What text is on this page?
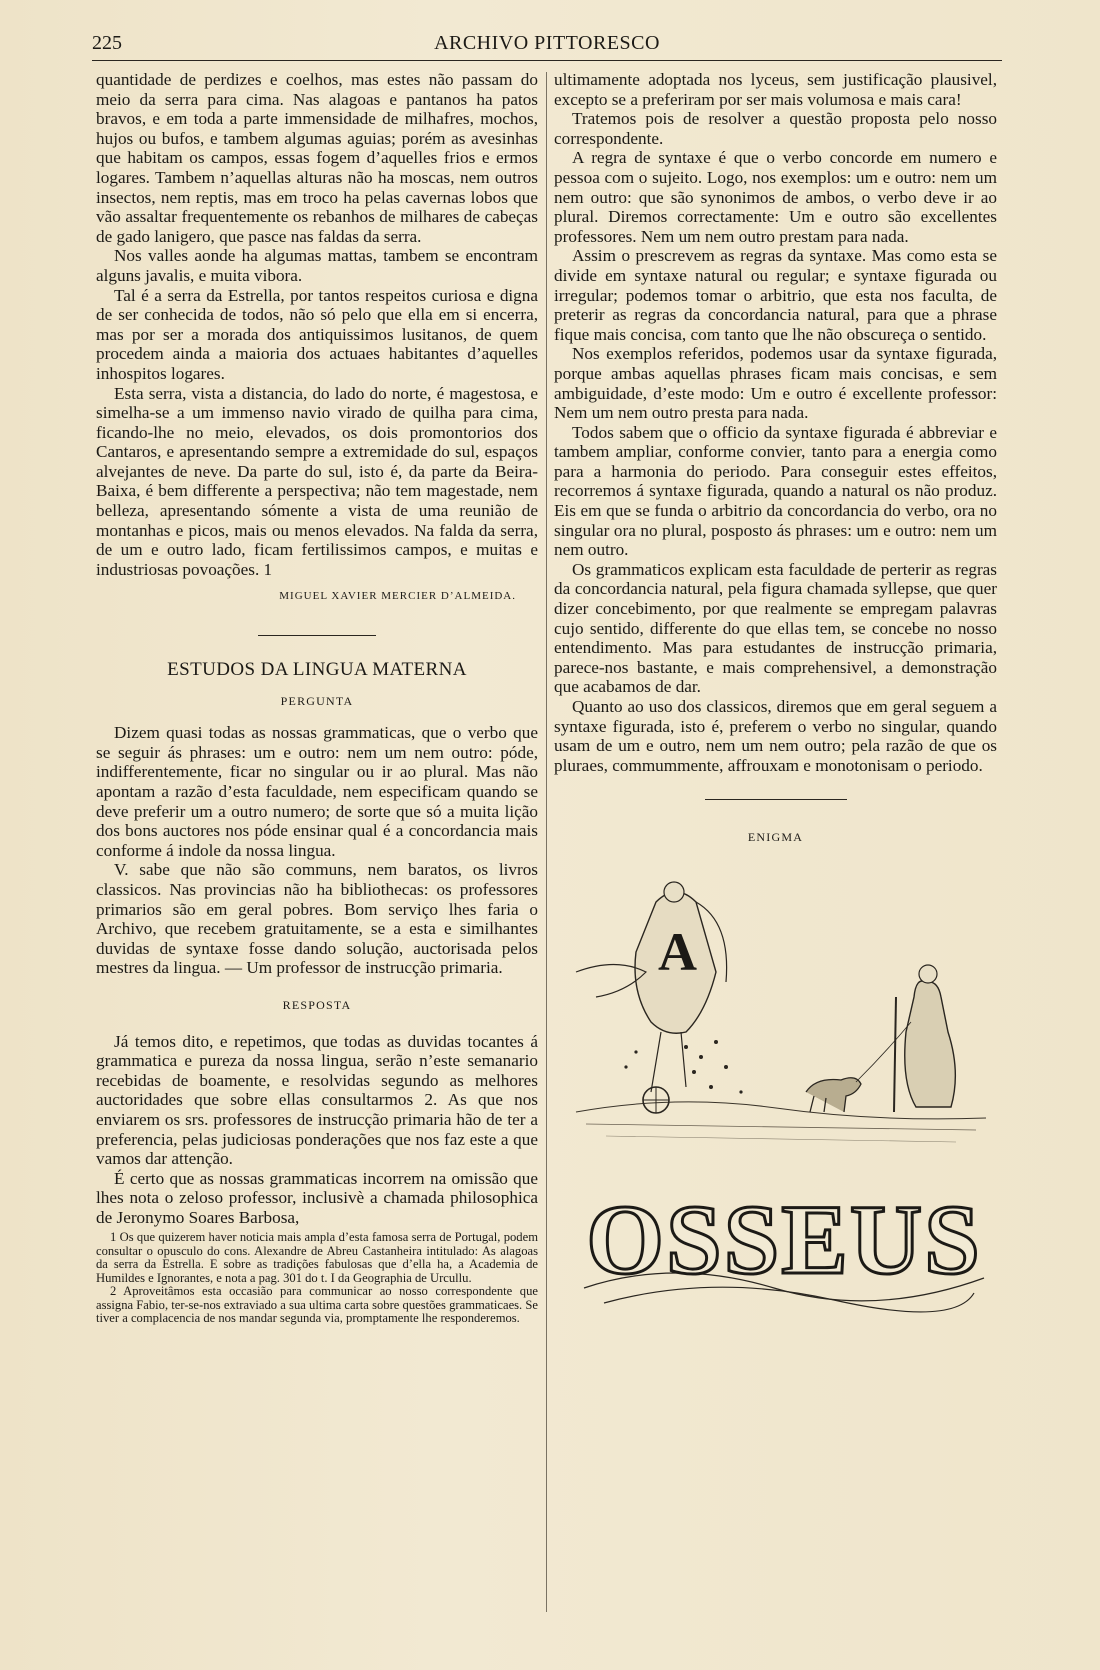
225	ARCHIVO PITTORESCO

quantidade de perdizes e coelhos, mas estes não passam do meio da serra para cima. Nas alagoas e pantanos ha patos bravos, e em toda a parte immensidade de milhafres, mochos, hujos ou bufos, e tambem algumas aguias; porém as avesinhas que habitam os campos, essas fogem d’aquelles frios e ermos logares. Tambem n’aquellas alturas não ha moscas, nem outros insectos, nem reptis, mas em troco ha pelas cavernas lobos que vão assaltar frequentemente os rebanhos de milhares de cabeças de gado lanigero, que pasce nas faldas da serra.

Nos valles aonde ha algumas mattas, tambem se encontram alguns javalis, e muita vibora.

Tal é a serra da Estrella, por tantos respeitos curiosa e digna de ser conhecida de todos, não só pelo que ella em si encerra, mas por ser a morada dos antiquissimos lusitanos, de quem procedem ainda a maioria dos actuaes habitantes d’aquelles inhospitos logares.

Esta serra, vista a distancia, do lado do norte, é magestosa, e simelha-se a um immenso navio virado de quilha para cima, ficando-lhe no meio, elevados, os dois promontorios dos Cantaros, e apresentando sempre a extremidade do sul, espaços alvejantes de neve. Da parte do sul, isto é, da parte da Beira-Baixa, é bem differente a perspectiva; não tem magestade, nem belleza, apresentando sómente a vista de uma reunião de montanhas e picos, mais ou menos elevados. Na falda da serra, de um e outro lado, ficam fertilissimos campos, e muitas e industriosas povoações. 1

MIGUEL XAVIER MERCIER D’ALMEIDA.
ESTUDOS DA LINGUA MATERNA
PERGUNTA

Dizem quasi todas as nossas grammaticas, que o verbo que se seguir ás phrases: um e outro: nem um nem outro: póde, indifferentemente, ficar no singular ou ir ao plural. Mas não apontam a razão d’esta faculdade, nem especificam quando se deve preferir um a outro numero; de sorte que só a muita lição dos bons auctores nos póde ensinar qual é a concordancia mais conforme á indole da nossa lingua.

V. sabe que não são communs, nem baratos, os livros classicos. Nas provincias não ha bibliothecas: os professores primarios são em geral pobres. Bom serviço lhes faria o Archivo, que recebem gratuitamente, se a esta e similhantes duvidas de syntaxe fosse dando solução, auctorisada pelos mestres da lingua. — Um professor de instrucção primaria.

RESPOSTA

Já temos dito, e repetimos, que todas as duvidas tocantes á grammatica e pureza da nossa lingua, serão n’este semanario recebidas de boamente, e resolvidas segundo as melhores auctoridades que sobre ellas consultarmos 2. As que nos enviarem os srs. professores de instrucção primaria hão de ter a preferencia, pelas judiciosas ponderações que nos faz este a que vamos dar attenção.

É certo que as nossas grammaticas incorrem na omissão que lhes nota o zeloso professor, inclusivè a chamada philosophica de Jeronymo Soares Barbosa,

1 Os que quizerem haver noticia mais ampla d’esta famosa serra de Portugal, podem consultar o opusculo do cons. Alexandre de Abreu Castanheira intitulado: As alagoas da serra da Estrella. E sobre as tradições fabulosas que d’ella ha, a Academia de Humildes e Ignorantes, e nota a pag. 301 do t. I da Geographia de Urcullu.

2 Aproveitâmos esta occasião para communicar ao nosso correspondente que assigna Fabio, ter-se-nos extraviado a sua ultima carta sobre questões grammaticaes. Se tiver a complacencia de nos mandar segunda via, promptamente lhe responderemos.

ultimamente adoptada nos lyceus, sem justificação plausivel, excepto se a preferiram por ser mais volumosa e mais cara!

Tratemos pois de resolver a questão proposta pelo nosso correspondente.

A regra de syntaxe é que o verbo concorde em numero e pessoa com o sujeito. Logo, nos exemplos: um e outro: nem um nem outro: que são synonimos de ambos, o verbo deve ir ao plural. Diremos correctamente: Um e outro são excellentes professores. Nem um nem outro prestam para nada.

Assim o prescrevem as regras da syntaxe. Mas como esta se divide em syntaxe natural ou regular; e syntaxe figurada ou irregular; podemos tomar o arbitrio, que esta nos faculta, de preterir as regras da concordancia natural, para que a phrase fique mais concisa, com tanto que lhe não obscureça o sentido.

Nos exemplos referidos, podemos usar da syntaxe figurada, porque ambas aquellas phrases ficam mais concisas, e sem ambiguidade, d’este modo: Um e outro é excellente professor: Nem um nem outro presta para nada.

Todos sabem que o officio da syntaxe figurada é abbreviar e tambem ampliar, conforme convier, tanto para a energia como para a harmonia do periodo. Para conseguir estes effeitos, recorremos á syntaxe figurada, quando a natural os não produz. Eis em que se funda o arbitrio da concordancia do verbo, ora no singular ora no plural, posposto ás phrases: um e outro: nem um nem outro.

Os grammaticos explicam esta faculdade de perterir as regras da concordancia natural, pela figura chamada syllepse, que quer dizer concebimento, por que realmente se empregam palavras cujo sentido, differente do que ellas tem, se concebe no nosso entendimento. Mas para estudantes de instrucção primaria, parece-nos bastante, e mais comprehensivel, a demonstração que acabamos de dar.

Quanto ao uso dos classicos, diremos que em geral seguem a syntaxe figurada, isto é, preferem o verbo no singular, quando usam de um e outro, nem um nem outro; pela razão de que os pluraes, commummente, affrouxam e monotonisam o periodo.

ENIGMA
A
OSSEUS
